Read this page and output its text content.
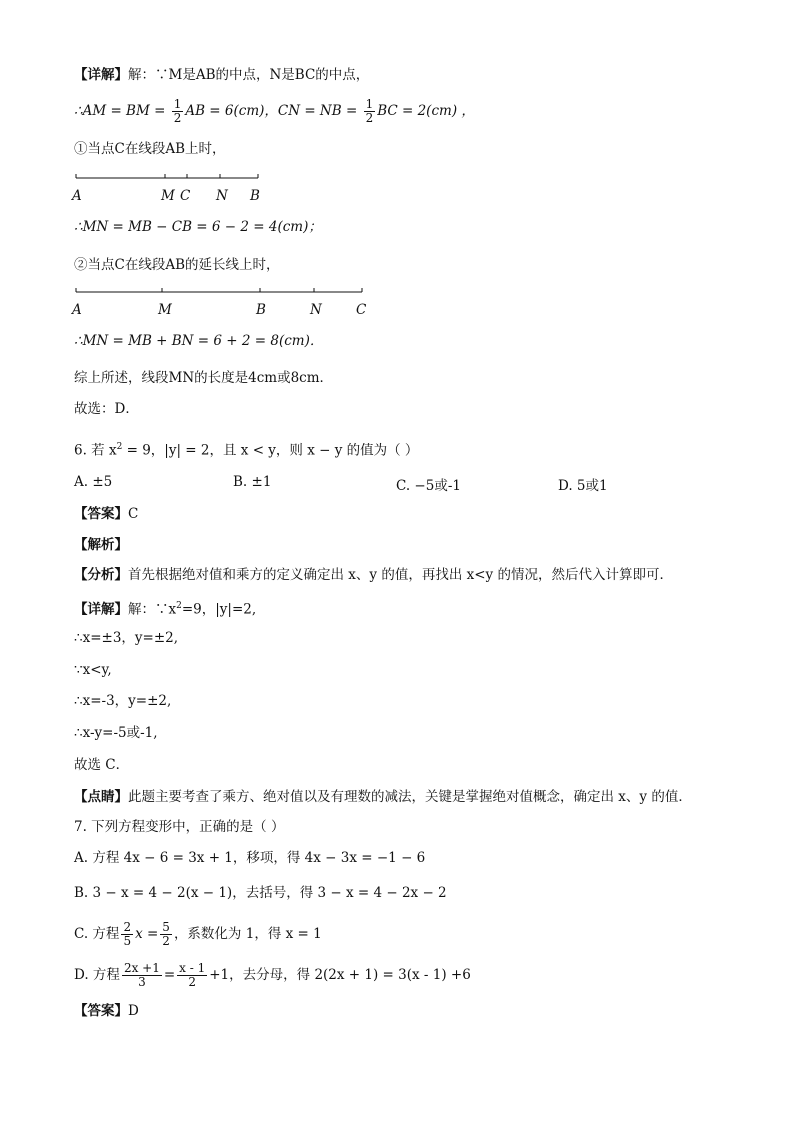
【详解】解：∵M是AB的中点，N是BC的中点，
∴AM = BM = $\frac{1}{2}$ AB = 6(cm)，CN = NB = $\frac{1}{2}$ BC = 2(cm) ，
①当点C在线段AB上时，
A	M C N B
∴MN = MB − CB = 6 − 2 = 4(cm)；
②当点C在线段AB的延长线上时，
A	M	B	N	C
∴MN = MB + BN = 6 + 2 = 8(cm)．
综上所述，线段MN的长度是4cm或8cm．
故选：D．
6. 若 $x^2 = 9$，|y| = 2，且 x < y，则 x − y 的值为（ ）
A. ±5	B. ±1	C. −5或-1	D. 5或1
【答案】C
【解析】
【分析】首先根据绝对值和乘方的定义确定出 x、y 的值，再找出 x<y 的情况，然后代入计算即可．
【详解】解：$\because x^2=9$，|y|=2,
∴x=±3，y=±2,
∵x<y,
∴x=-3，y=±2,
∴x-y=-5或-1,
故选 C．
【点睛】此题主要考查了乘方、绝对值以及有理数的减法，关键是掌握绝对值概念，确定出 x、y 的值．
7. 下列方程变形中，正确的是（ ）
A. 方程 4x − 6 = 3x + 1，移项，得 4x − 3x = −1 − 6
B. 3 − x = 4 − 2(x − 1)，去括号，得 3 − x = 4 − 2x − 2
C. 方程 $\frac{2}{5}$ $x = \frac{5}{2}$ ，系数化为 1，得 x = 1
D. 方程 $\frac{2x +1}{3} = \frac{x - 1}{2} +1$，去分母，得 2(2x + 1) = 3(x - 1) +6
【答案】D
